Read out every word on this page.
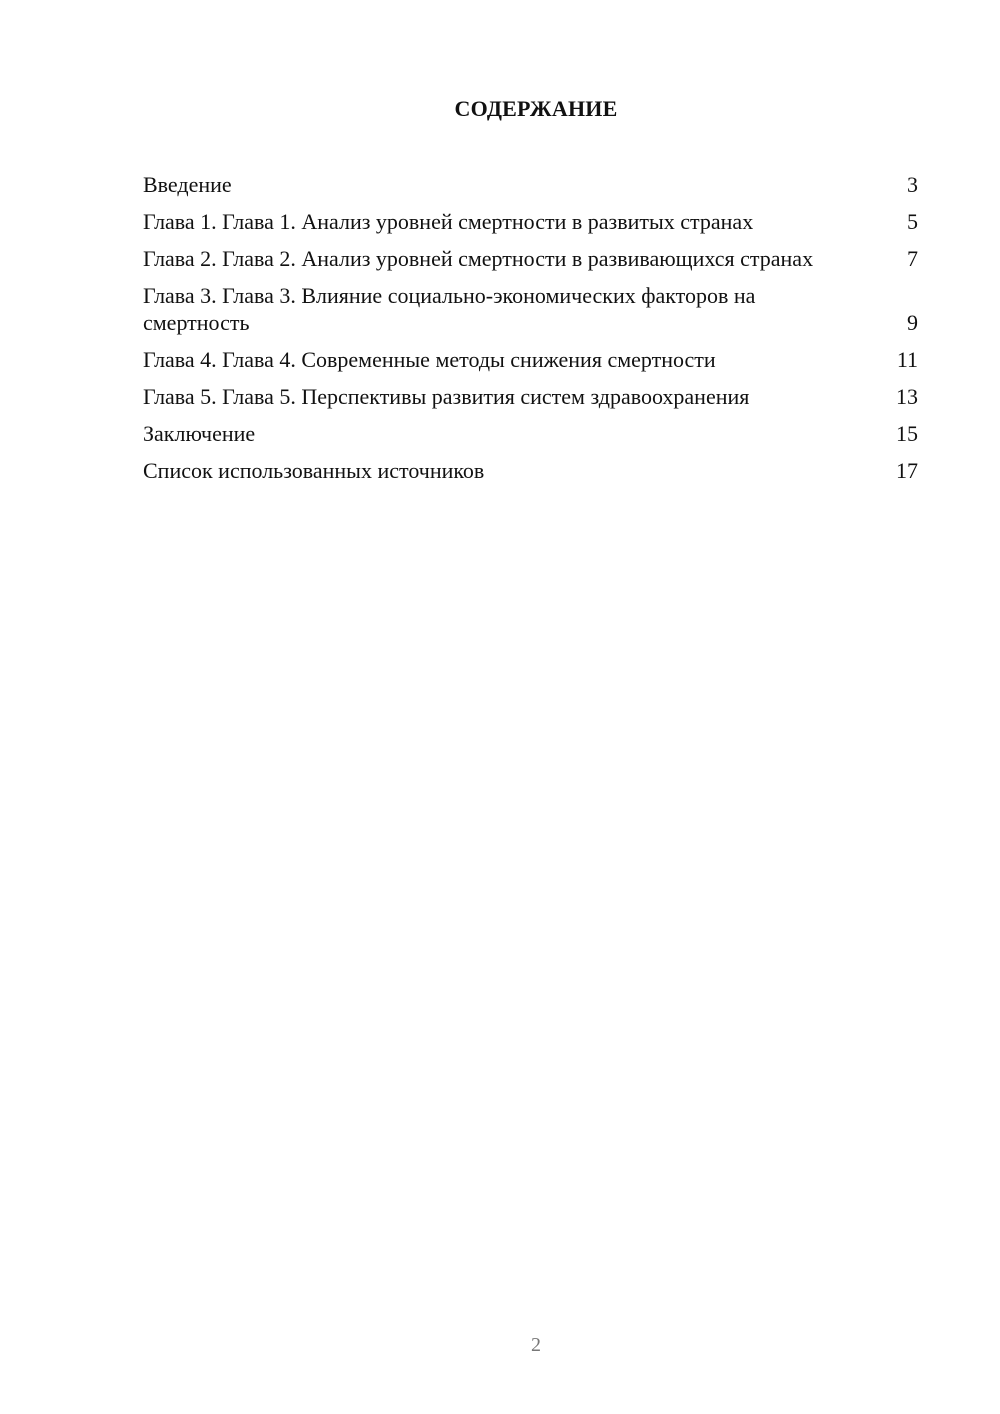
СОДЕРЖАНИЕ
Введение	3
Глава 1. Глава 1. Анализ уровней смертности в развитых странах	5
Глава 2. Глава 2. Анализ уровней смертности в развивающихся странах	7
Глава 3. Глава 3. Влияние социально-экономических факторов на смертность	9
Глава 4. Глава 4. Современные методы снижения смертности	11
Глава 5. Глава 5. Перспективы развития систем здравоохранения	13
Заключение	15
Список использованных источников	17
2
